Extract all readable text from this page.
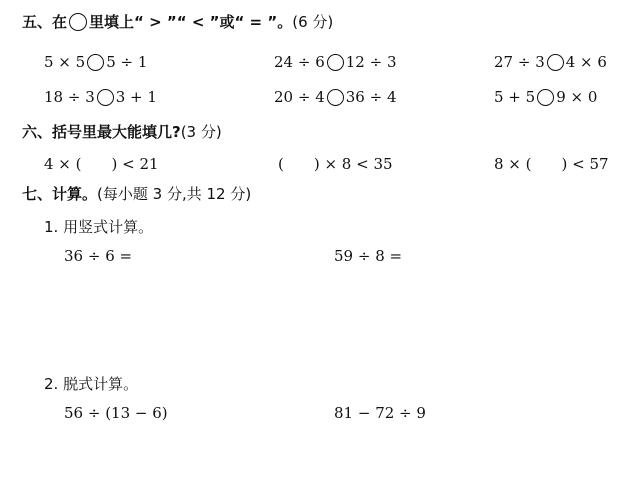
五、在 里填上“ > ”“ < ”或“ = ”。(6 分)
5 × 5 5 ÷ 1	24 ÷ 6 12 ÷ 3	27 ÷ 3 4 × 6
18 ÷ 3 3 + 1	20 ÷ 4 36 ÷ 4	5 + 5 9 × 0
六、括号里最大能填几?(3 分)
4 × (　　) < 21	(　　) × 8 < 35	8 × (　　) < 57
七、计算。(每小题 3 分,共 12 分)
1. 用竖式计算。
36 ÷ 6 =	59 ÷ 8 =
2. 脱式计算。
56 ÷ (13 − 6)	81 − 72 ÷ 9
